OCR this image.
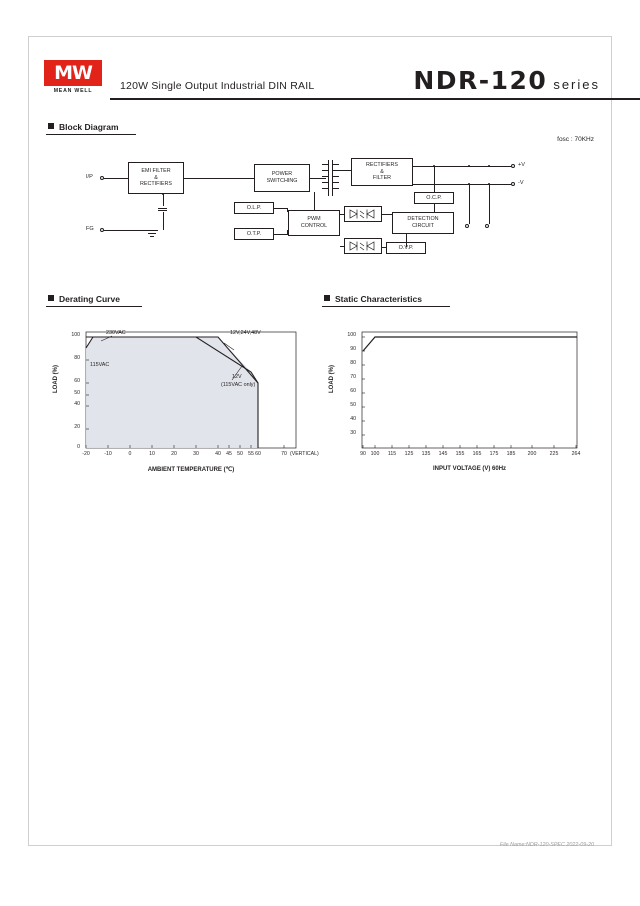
MW
MEAN WELL	120W Single Output Industrial DIN RAIL	NDR-120 series
Block Diagram
fosc : 70KHz
I/P
FG
EMI FILTER
&
RECTIFIERS
POWER
SWITCHING
RECTIFIERS
&
FILTER
+V
-V
O.C.P.
DETECTION
CIRCUIT
O.V.P.
PWM
CONTROL
O.L.P.
O.T.P.
Derating Curve
100
80
60
50
40
20
0
-20	-10	0	10	20	30	40	45	50	55 60	70 (VERTICAL)
230VAC
115VAC
12V,24V,48V
12V
(115VAC only)
LOAD (%)
AMBIENT TEMPERATURE (℃)
Static Characteristics
100
90
80
70
60
50
40
30
90 100	115	125	135	145	155	165	175	185	200	225	264
LOAD (%)
INPUT VOLTAGE (V) 60Hz
File Name:NDR-120-SPEC 2022-09-20
